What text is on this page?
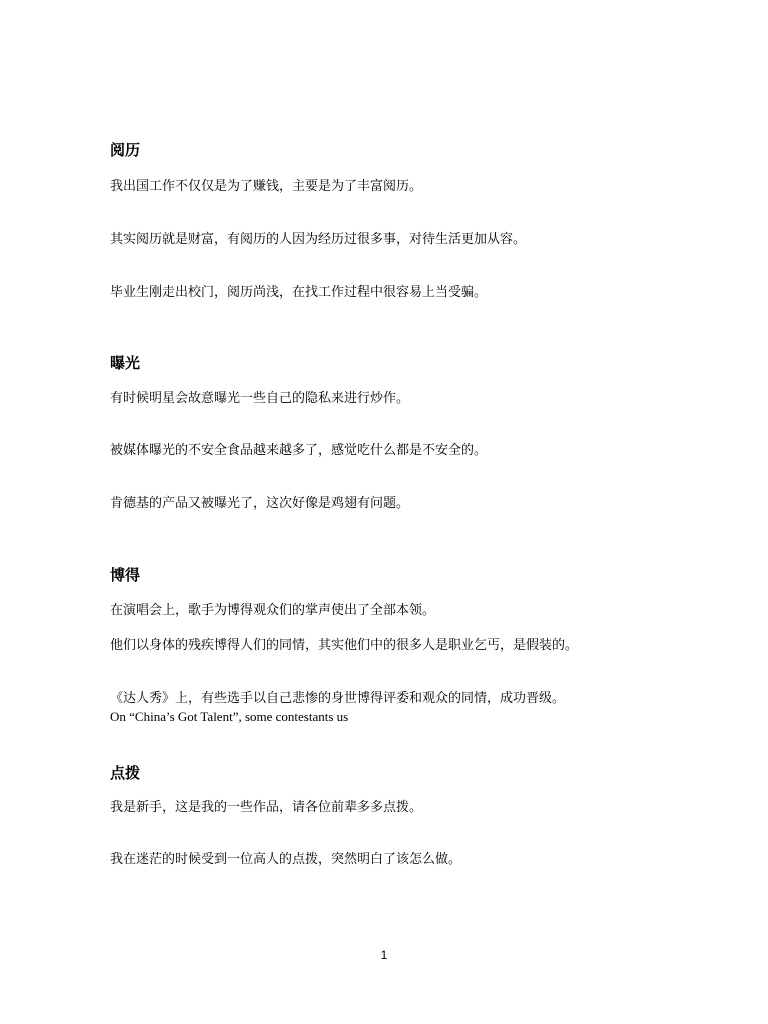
阅历
我出国工作不仅仅是为了赚钱，主要是为了丰富阅历。
其实阅历就是财富，有阅历的人因为经历过很多事，对待生活更加从容。
毕业生刚走出校门，阅历尚浅，在找工作过程中很容易上当受骗。
曝光
有时候明星会故意曝光一些自己的隐私来进行炒作。
被媒体曝光的不安全食品越来越多了，感觉吃什么都是不安全的。
肯德基的产品又被曝光了，这次好像是鸡翅有问题。
博得
在演唱会上，歌手为博得观众们的掌声使出了全部本领。
他们以身体的残疾博得人们的同情，其实他们中的很多人是职业乞丐，是假装的。
《达人秀》上，有些选手以自己悲惨的身世博得评委和观众的同情，成功晋级。
On “China’s Got Talent”, some contestants us
点拨
我是新手，这是我的一些作品，请各位前辈多多点拨。
我在迷茫的时候受到一位高人的点拨，突然明白了该怎么做。
1
